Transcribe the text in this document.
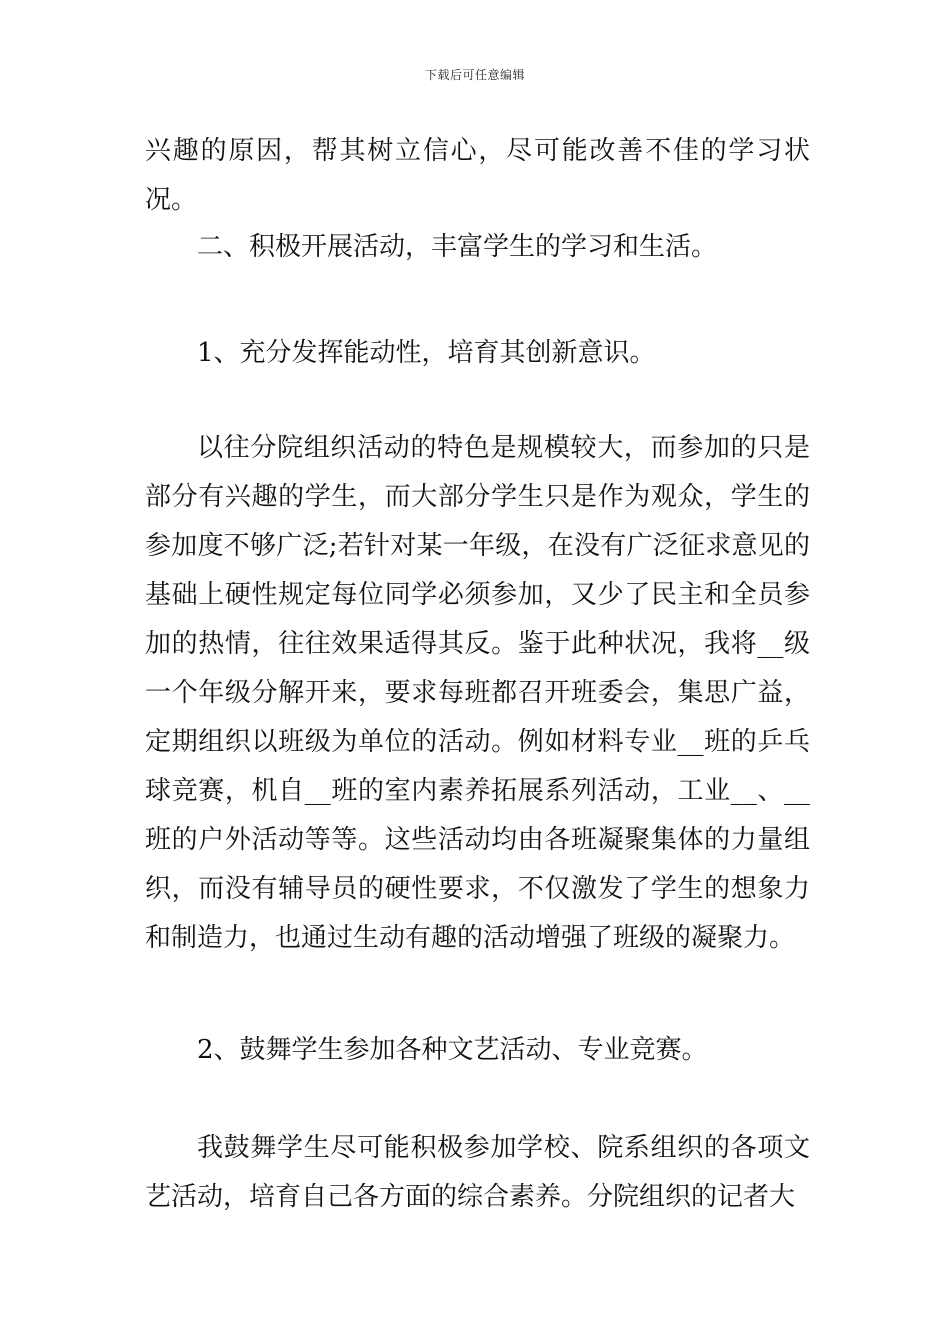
下载后可任意编辑

兴趣的原因，帮其树立信心，尽可能改善不佳的学习状况。

二、积极开展活动，丰富学生的学习和生活。

1、充分发挥能动性，培育其创新意识。

以往分院组织活动的特色是规模较大，而参加的只是部分有兴趣的学生，而大部分学生只是作为观众，学生的参加度不够广泛;若针对某一年级，在没有广泛征求意见的基础上硬性规定每位同学必须参加，又少了民主和全员参加的热情，往往效果适得其反。鉴于此种状况，我将__级一个年级分解开来，要求每班都召开班委会，集思广益，定期组织以班级为单位的活动。例如材料专业__班的乒乓球竞赛，机自__班的室内素养拓展系列活动，工业__、__班的户外活动等等。这些活动均由各班凝聚集体的力量组织，而没有辅导员的硬性要求，不仅激发了学生的想象力和制造力，也通过生动有趣的活动增强了班级的凝聚力。

2、鼓舞学生参加各种文艺活动、专业竞赛。

我鼓舞学生尽可能积极参加学校、院系组织的各项文艺活动，培育自己各方面的综合素养。分院组织的记者大
